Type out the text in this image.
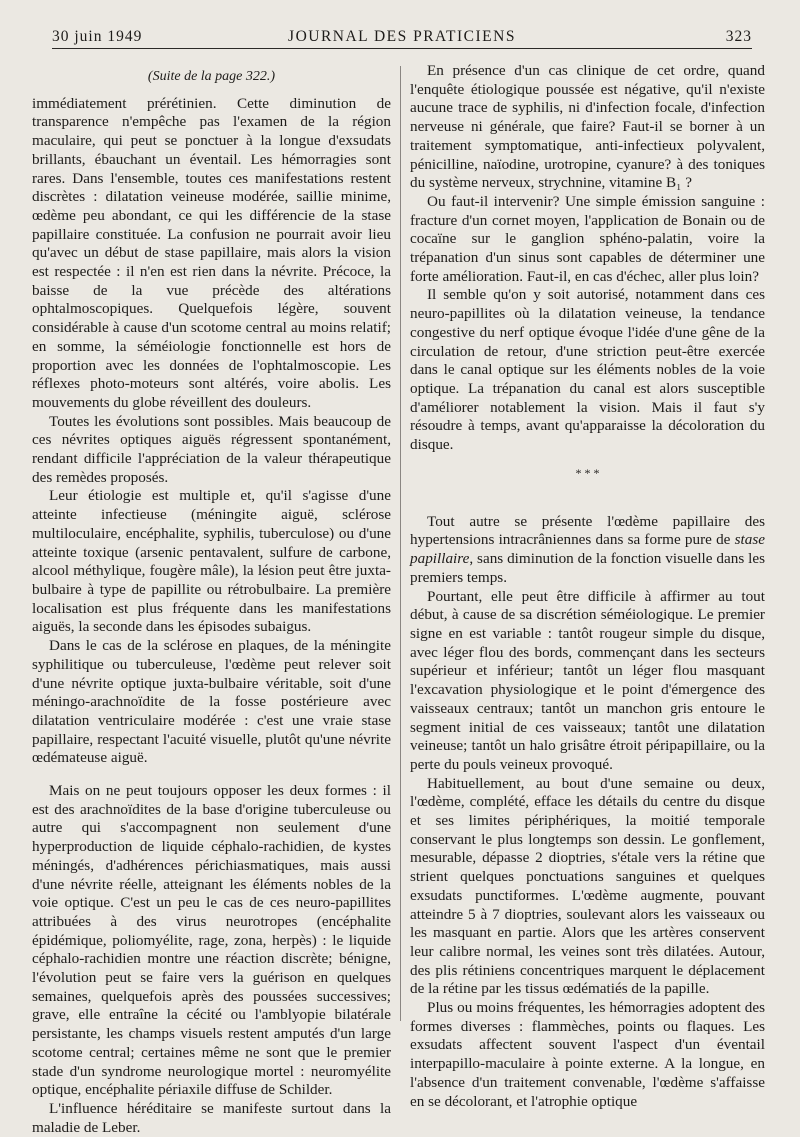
30 juin 1949	JOURNAL DES PRATICIENS	323
(Suite de la page 322.)

immédiatement prérétinien. Cette diminution de transparence n'empêche pas l'examen de la région maculaire, qui peut se ponctuer à la longue d'exsudats brillants, ébauchant un éventail. Les hémorragies sont rares. Dans l'ensemble, toutes ces manifestations restent discrètes : dilatation veineuse modérée, saillie minime, œdème peu abondant, ce qui les différencie de la stase papillaire constituée. La confusion ne pourrait avoir lieu qu'avec un début de stase papillaire, mais alors la vision est respectée : il n'en est rien dans la névrite. Précoce, la baisse de la vue précède des altérations ophtalmoscopiques. Quelquefois légère, souvent considérable à cause d'un scotome central au moins relatif; en somme, la séméiologie fonctionnelle est hors de proportion avec les données de l'ophtalmoscopie. Les réflexes photo-moteurs sont altérés, voire abolis. Les mouvements du globe réveillent des douleurs.

Toutes les évolutions sont possibles. Mais beaucoup de ces névrites optiques aiguës régressent spontanément, rendant difficile l'appréciation de la valeur thérapeutique des remèdes proposés.

Leur étiologie est multiple et, qu'il s'agisse d'une atteinte infectieuse (méningite aiguë, sclérose multiloculaire, encéphalite, syphilis, tuberculose) ou d'une atteinte toxique (arsenic pentavalent, sulfure de carbone, alcool méthylique, fougère mâle), la lésion peut être juxta-bulbaire à type de papillite ou rétrobulbaire. La première localisation est plus fréquente dans les manifestations aiguës, la seconde dans les épisodes subaigus.

Dans le cas de la sclérose en plaques, de la méningite syphilitique ou tuberculeuse, l'œdème peut relever soit d'une névrite optique juxta-bulbaire véritable, soit d'une méningo-arachnoïdite de la fosse postérieure avec dilatation ventriculaire modérée : c'est une vraie stase papillaire, respectant l'acuité visuelle, plutôt qu'une névrite œdémateuse aiguë.

Mais on ne peut toujours opposer les deux formes : il est des arachnoïdites de la base d'origine tuberculeuse ou autre qui s'accompagnent non seulement d'une hyperproduction de liquide céphalo-rachidien, de kystes méningés, d'adhérences périchiasmatiques, mais aussi d'une névrite réelle, atteignant les éléments nobles de la voie optique. C'est un peu le cas de ces neuro-papillites attribuées à des virus neurotropes (encéphalite épidémique, poliomyélite, rage, zona, herpès) : le liquide céphalo-rachidien montre une réaction discrète; bénigne, l'évolution peut se faire vers la guérison en quelques semaines, quelquefois après des poussées successives; grave, elle entraîne la cécité ou l'amblyopie bilatérale persistante, les champs visuels restent amputés d'un large scotome central; certaines même ne sont que le premier stade d'un syndrome neurologique mortel : neuromyélite optique, encéphalite périaxile diffuse de Schilder.

L'influence héréditaire se manifeste surtout dans la maladie de Leber.

En présence d'un cas clinique de cet ordre, quand l'enquête étiologique poussée est négative, qu'il n'existe aucune trace de syphilis, ni d'infection focale, d'infection nerveuse ni générale, que faire? Faut-il se borner à un traitement symptomatique, anti-infectieux polyvalent, pénicilline, naïodine, urotropine, cyanure? à des toniques du système nerveux, strychnine, vitamine B₁ ?

Ou faut-il intervenir? Une simple émission sanguine : fracture d'un cornet moyen, l'application de Bonain ou de cocaïne sur le ganglion sphéno-palatin, voire la trépanation d'un sinus sont capables de déterminer une forte amélioration. Faut-il, en cas d'échec, aller plus loin?

Il semble qu'on y soit autorisé, notamment dans ces neuro-papillites où la dilatation veineuse, la tendance congestive du nerf optique évoque l'idée d'une gêne de la circulation de retour, d'une striction peut-être exercée dans le canal optique sur les éléments nobles de la voie optique. La trépanation du canal est alors susceptible d'améliorer notablement la vision. Mais il faut s'y résoudre à temps, avant qu'apparaisse la décoloration du disque.

* * *

Tout autre se présente l'œdème papillaire des hypertensions intracrâniennes dans sa forme pure de stase papillaire, sans diminution de la fonction visuelle dans les premiers temps.

Pourtant, elle peut être difficile à affirmer au tout début, à cause de sa discrétion séméiologique. Le premier signe en est variable : tantôt rougeur simple du disque, avec léger flou des bords, commençant dans les secteurs supérieur et inférieur; tantôt un léger flou masquant l'excavation physiologique et le point d'émergence des vaisseaux centraux; tantôt un manchon gris entoure le segment initial de ces vaisseaux; tantôt une dilatation veineuse; tantôt un halo grisâtre étroit péripapillaire, ou la perte du pouls veineux provoqué.

Habituellement, au bout d'une semaine ou deux, l'œdème, complété, efface les détails du centre du disque et ses limites périphériques, la moitié temporale conservant le plus longtemps son dessin. Le gonflement, mesurable, dépasse 2 dioptries, s'étale vers la rétine que strient quelques ponctuations sanguines et quelques exsudats punctiformes. L'œdème augmente, pouvant atteindre 5 à 7 dioptries, soulevant alors les vaisseaux ou les masquant en partie. Alors que les artères conservent leur calibre normal, les veines sont très dilatées. Autour, des plis rétiniens concentriques marquent le déplacement de la rétine par les tissus œdématiés de la papille.

Plus ou moins fréquentes, les hémorragies adoptent des formes diverses : flammèches, points ou flaques. Les exsudats affectent souvent l'aspect d'un éventail interpapillo-maculaire à pointe externe. A la longue, en l'absence d'un traitement convenable, l'œdème s'affaisse en se décolorant, et l'atrophie optique
